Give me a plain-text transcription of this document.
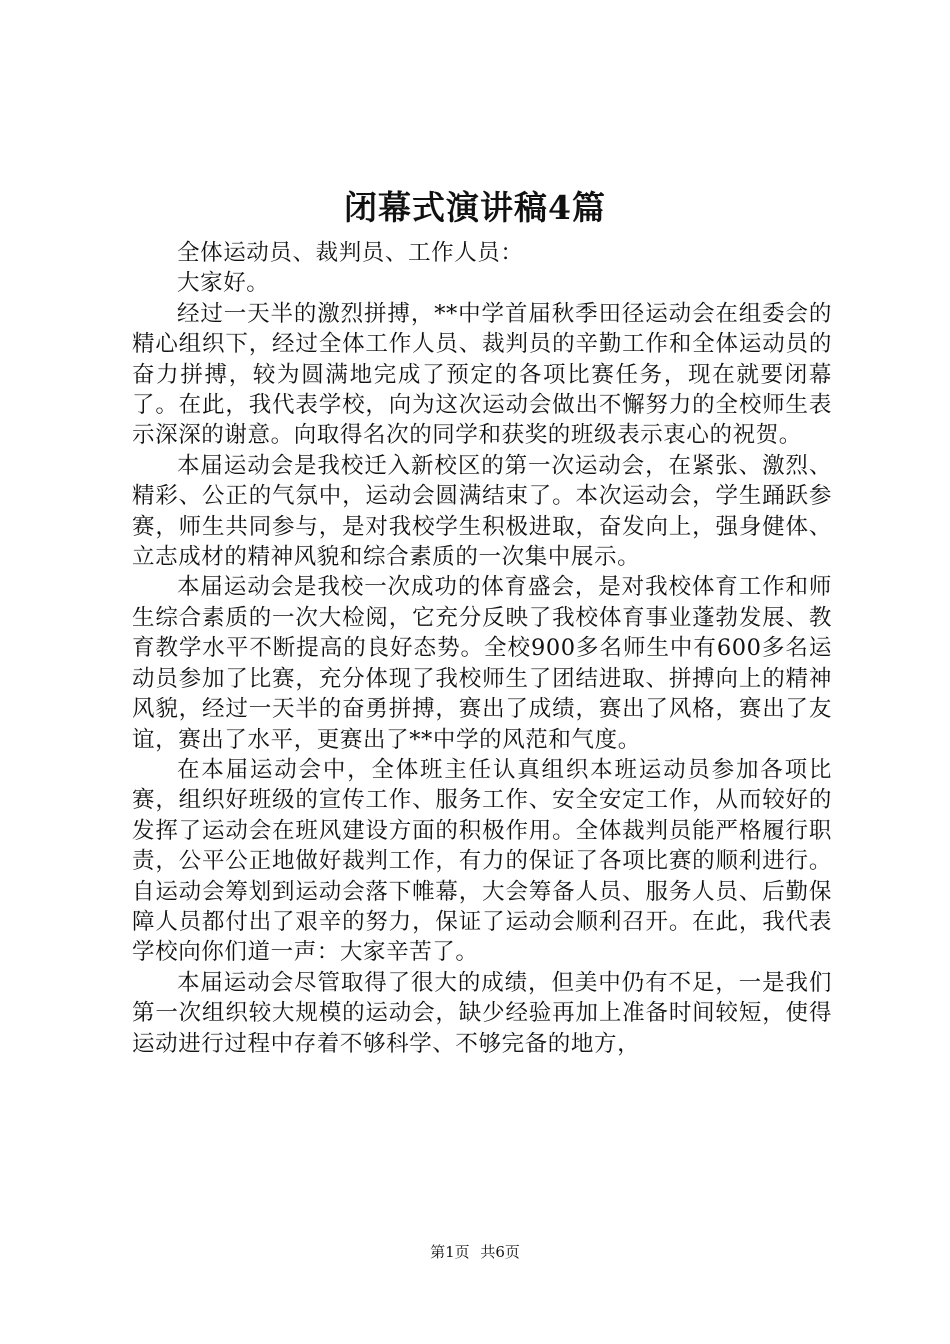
闭幕式演讲稿4篇

全体运动员、裁判员、工作人员：

大家好。

经过一天半的激烈拼搏，**中学首届秋季田径运动会在组委会的精心组织下，经过全体工作人员、裁判员的辛勤工作和全体运动员的奋力拼搏，较为圆满地完成了预定的各项比赛任务，现在就要闭幕了。在此，我代表学校，向为这次运动会做出不懈努力的全校师生表示深深的谢意。向取得名次的同学和获奖的班级表示衷心的祝贺。

本届运动会是我校迁入新校区的第一次运动会，在紧张、激烈、精彩、公正的气氛中，运动会圆满结束了。本次运动会，学生踊跃参赛，师生共同参与，是对我校学生积极进取，奋发向上，强身健体、立志成材的精神风貌和综合素质的一次集中展示。

本届运动会是我校一次成功的体育盛会，是对我校体育工作和师生综合素质的一次大检阅，它充分反映了我校体育事业蓬勃发展、教育教学水平不断提高的良好态势。全校900多名师生中有600多名运动员参加了比赛，充分体现了我校师生了团结进取、拼搏向上的精神风貌，经过一天半的奋勇拼搏，赛出了成绩，赛出了风格，赛出了友谊，赛出了水平，更赛出了**中学的风范和气度。

在本届运动会中，全体班主任认真组织本班运动员参加各项比赛，组织好班级的宣传工作、服务工作、安全安定工作，从而较好的发挥了运动会在班风建设方面的积极作用。全体裁判员能严格履行职责，公平公正地做好裁判工作，有力的保证了各项比赛的顺利进行。自运动会筹划到运动会落下帷幕，大会筹备人员、服务人员、后勤保障人员都付出了艰辛的努力，保证了运动会顺利召开。在此，我代表学校向你们道一声：大家辛苦了。

本届运动会尽管取得了很大的成绩，但美中仍有不足，一是我们第一次组织较大规模的运动会，缺少经验再加上准备时间较短，使得运动进行过程中存着不够科学、不够完备的地方，

第1页 共6页
